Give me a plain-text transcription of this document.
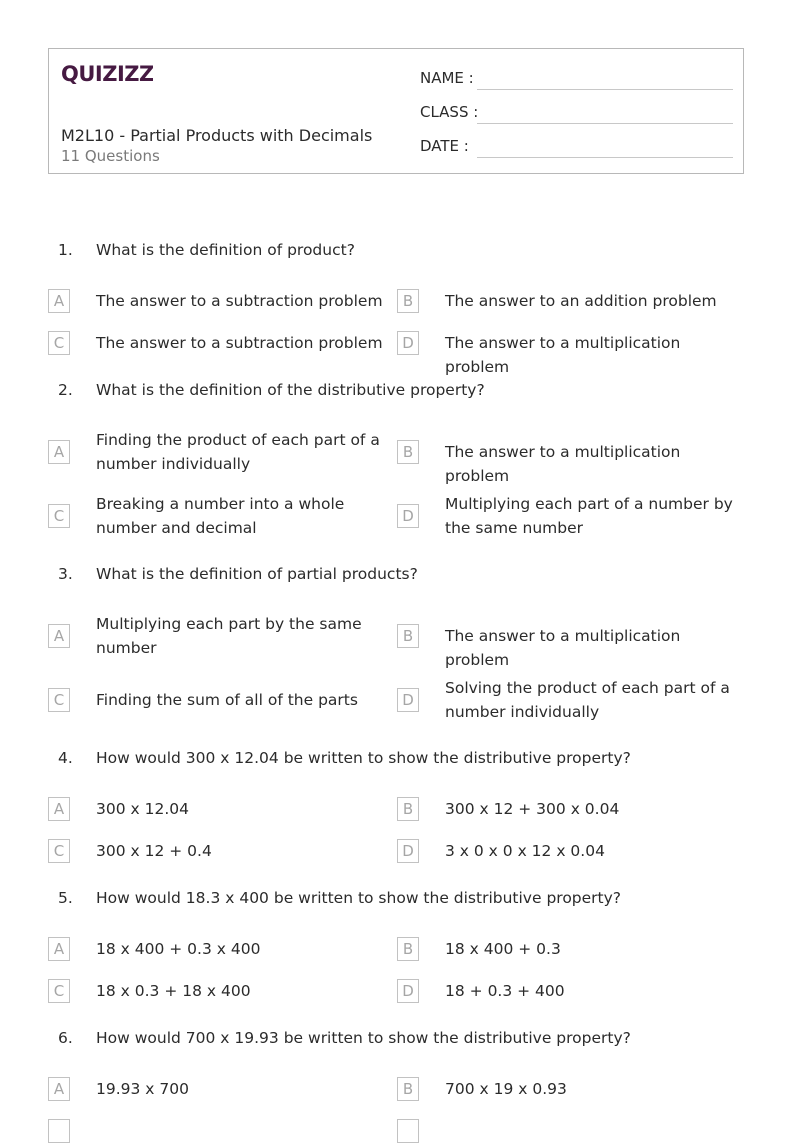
QUIZIZZ
M2L10 - Partial Products with Decimals
11 Questions
NAME :
CLASS :
DATE :
1.	What is the definition of product?
A	The answer to a subtraction problem	B	The answer to an addition problem
C	The answer to a subtraction problem	D	The answer to a multiplication problem
2.	What is the definition of the distributive property?
A
Finding the product of each part of a number individually
B	The answer to a multiplication problem
C
Breaking a number into a whole number and decimal
D
Multiplying each part of a number by the same number
3.	What is the definition of partial products?
A
Multiplying each part by the same number
B	The answer to a multiplication problem
C	Finding the sum of all of the parts	D
Solving the product of each part of a number individually
4.	How would 300 x 12.04 be written to show the distributive property?
A	300 x 12.04	B	300 x 12 + 300 x 0.04
C	300 x 12 + 0.4	D	3 x 0 x 0 x 12 x 0.04
5.	How would 18.3 x 400 be written to show the distributive property?
A	18 x 400 + 0.3 x 400	B	18 x 400 + 0.3
C	18 x 0.3 + 18 x 400	D	18 + 0.3 + 400
6.	How would 700 x 19.93 be written to show the distributive property?
A	19.93 x 700	B	700 x 19 x 0.93
